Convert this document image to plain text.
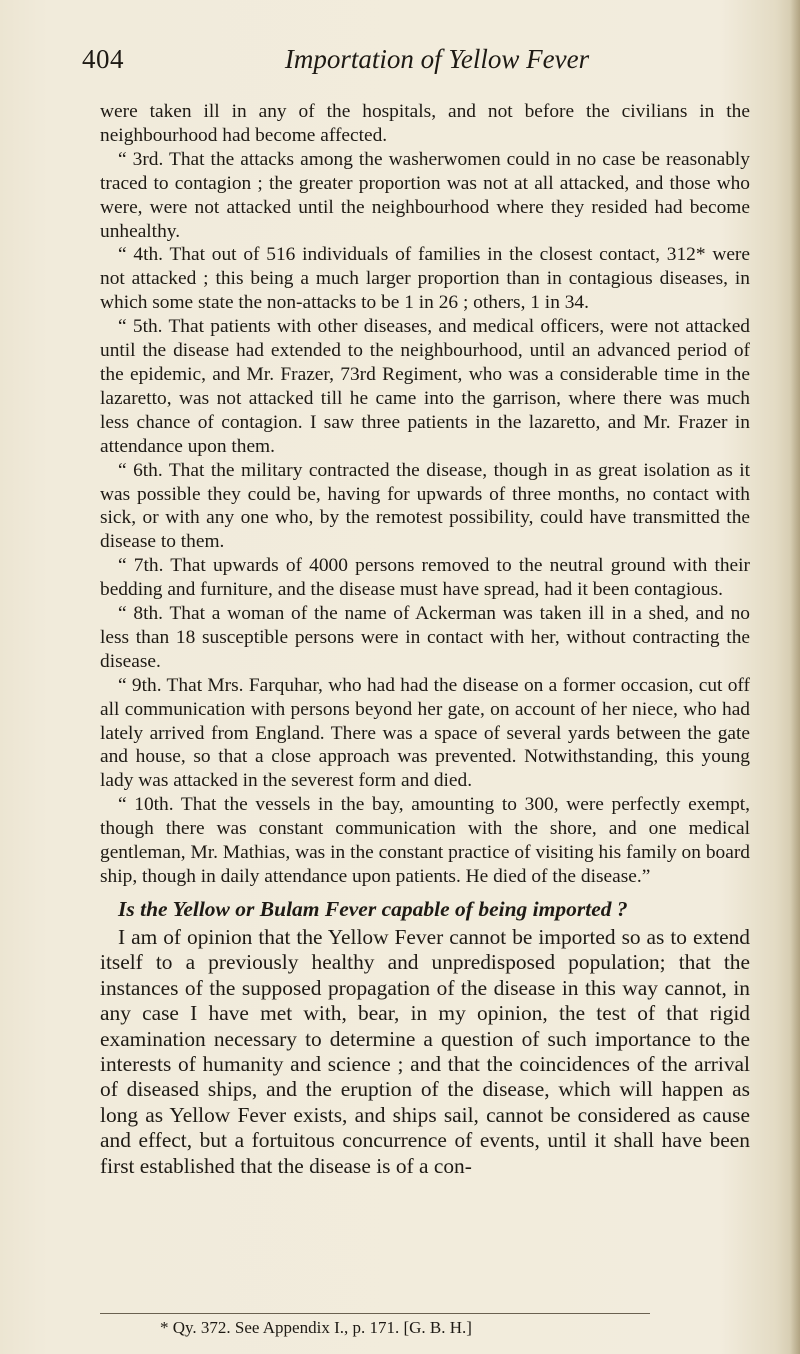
404	Importation of Yellow Fever

were taken ill in any of the hospitals, and not before the civilians in the neighbourhood had become affected.

“ 3rd. That the attacks among the washerwomen could in no case be reasonably traced to contagion ; the greater proportion was not at all attacked, and those who were, were not attacked until the neighbourhood where they resided had become unhealthy.

“ 4th. That out of 516 individuals of families in the closest contact, 312* were not attacked ; this being a much larger proportion than in contagious diseases, in which some state the non-attacks to be 1 in 26 ; others, 1 in 34.

“ 5th. That patients with other diseases, and medical officers, were not attacked until the disease had extended to the neighbourhood, until an advanced period of the epidemic, and Mr. Frazer, 73rd Regiment, who was a considerable time in the lazaretto, was not attacked till he came into the garrison, where there was much less chance of contagion. I saw three patients in the lazaretto, and Mr. Frazer in attendance upon them.

“ 6th. That the military contracted the disease, though in as great isolation as it was possible they could be, having for upwards of three months, no contact with sick, or with any one who, by the remotest possibility, could have transmitted the disease to them.

“ 7th. That upwards of 4000 persons removed to the neutral ground with their bedding and furniture, and the disease must have spread, had it been contagious.

“ 8th. That a woman of the name of Ackerman was taken ill in a shed, and no less than 18 susceptible persons were in contact with her, without contracting the disease.

“ 9th. That Mrs. Farquhar, who had had the disease on a former occasion, cut off all communication with persons beyond her gate, on account of her niece, who had lately arrived from England. There was a space of several yards between the gate and house, so that a close approach was prevented. Notwithstanding, this young lady was attacked in the severest form and died.

“ 10th. That the vessels in the bay, amounting to 300, were perfectly exempt, though there was constant communication with the shore, and one medical gentleman, Mr. Mathias, was in the constant practice of visiting his family on board ship, though in daily attendance upon patients. He died of the disease.”

Is the Yellow or Bulam Fever capable of being imported ?

I am of opinion that the Yellow Fever cannot be imported so as to extend itself to a previously healthy and unpredisposed population; that the instances of the supposed propagation of the disease in this way cannot, in any case I have met with, bear, in my opinion, the test of that rigid examination necessary to determine a question of such importance to the interests of humanity and science ; and that the coincidences of the arrival of diseased ships, and the eruption of the disease, which will happen as long as Yellow Fever exists, and ships sail, cannot be considered as cause and effect, but a fortuitous concurrence of events, until it shall have been first established that the disease is of a con-

* Qy. 372. See Appendix I., p. 171. [G. B. H.]
